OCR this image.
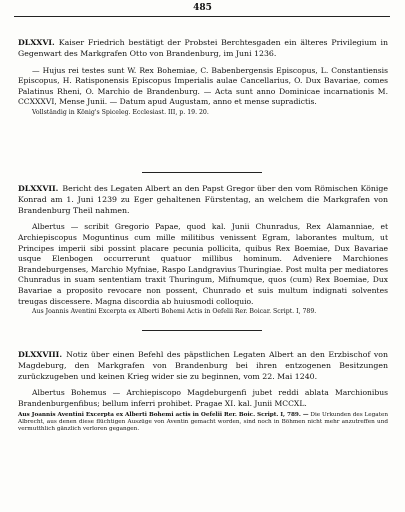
485

DLXXVI. Kaiser Friedrich bestätigt der Probstei Berchtesgaden ein älteres Privilegium in Gegenwart des Markgrafen Otto von Brandenburg, im Juni 1236.

— Hujus rei testes sunt W. Rex Bohemiae, C. Babenbergensis Episcopus, L. Constantiensis Episcopus, H. Ratisponensis Episcopus Imperialis aulae Cancellarius, O. Dux Bavariae, comes Palatinus Rheni, O. Marchio de Brandenburg. — Acta sunt anno Dominicae incarnationis M. CCXXXVI, Mense Junii. — Datum apud Augustam, anno et mense supradictis.

Vollständig in König's Spiceleg. Ecclesiast. III, p. 19. 20.

DLXXVII. Bericht des Legaten Albert an den Papst Gregor über den vom Römischen Könige Konrad am 1. Juni 1239 zu Eger gehaltenen Fürstentag, an welchem die Markgrafen von Brandenburg Theil nahmen.

Albertus — scribit Gregorio Papae, quod kal. Junii Chunradus, Rex Alamanniae, et Archiepiscopus Moguntinus cum mille militibus venissent Egram, laborantes multum, ut Principes imperii sibi possint placare pecunia pollicita, quibus Rex Boemiae, Dux Bavariae usque Elenbogen occurrerunt quatuor millibus hominum. Adveniere Marchiones Brandeburgenses, Marchio Myfniae, Raspo Landgravius Thuringiae. Post multa per mediatores Chunradus in suam sententiam traxit Thuringum, Mifnumque, quos (cum) Rex Boemiae, Dux Bavariae a proposito revocare non possent, Chunrado et suis multum indignati solventes treugas discessere. Magna discordia ab huiusmodi colloquio.

Aus Joannis Aventini Excerpta ex Alberti Bohemi Actis in Oefelii Rer. Boicar. Script. I, 789.

DLXXVIII. Notiz über einen Befehl des päpstlichen Legaten Albert an den Erzbischof von Magdeburg, den Markgrafen von Brandenburg bei ihren entzogenen Besitzungen zurückzugeben und keinen Krieg wider sie zu beginnen, vom 22. Mai 1240.

Albertus Bohemus — Archiepiscopo Magdeburgenfi jubet reddi ablata Marchionibus Brandenburgenfibus; bellum inferri prohibet. Pragae XI. kal. Junii MCCXL.

Aus Joannis Aventini Excerpta ex Alberti Bohemi actis in Oefelii Rer. Boic. Script. I, 789. — Die Urkunden des Legaten Albrecht, aus denen diese flüchtigen Auszüge von Aventin gemacht worden, sind noch in Böhmen nicht mehr anzutreffen und vermutthlich gänzlich verloren gegangen.
